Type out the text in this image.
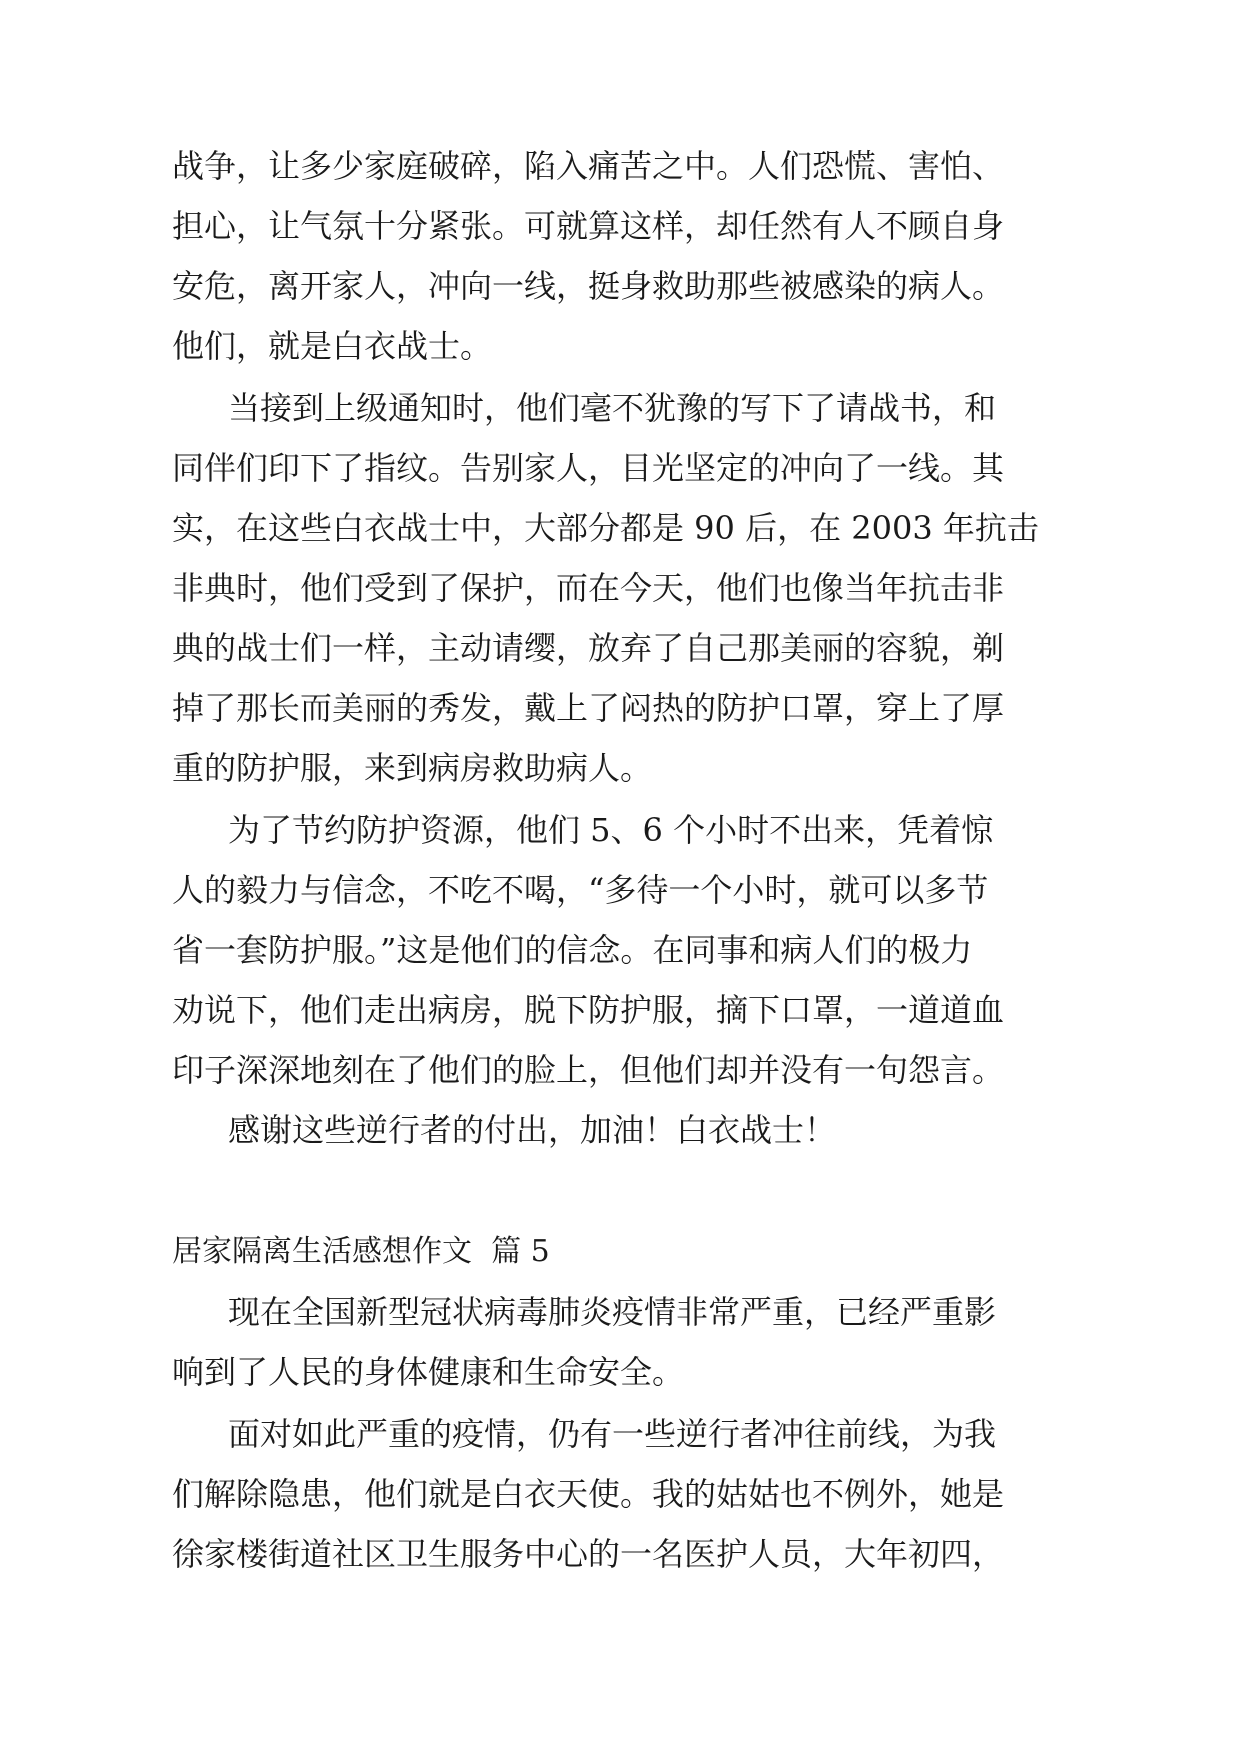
战争，让多少家庭破碎，陷入痛苦之中。人们恐慌、害怕、
担心，让气氛十分紧张。可就算这样，却任然有人不顾自身
安危，离开家人，冲向一线，挺身救助那些被感染的病人。
他们，就是白衣战士。
当接到上级通知时，他们毫不犹豫的写下了请战书，和
同伴们印下了指纹。告别家人，目光坚定的冲向了一线。其
实，在这些白衣战士中，大部分都是 90 后，在 2003 年抗击
非典时，他们受到了保护，而在今天，他们也像当年抗击非
典的战士们一样，主动请缨，放弃了自己那美丽的容貌，剃
掉了那长而美丽的秀发，戴上了闷热的防护口罩，穿上了厚
重的防护服，来到病房救助病人。
为了节约防护资源，他们 5、6 个小时不出来，凭着惊
人的毅力与信念，不吃不喝，“多待一个小时，就可以多节
省一套防护服。”这是他们的信念。在同事和病人们的极力
劝说下，他们走出病房，脱下防护服，摘下口罩，一道道血
印子深深地刻在了他们的脸上，但他们却并没有一句怨言。
感谢这些逆行者的付出，加油！白衣战士！
居家隔离生活感想作文  篇 5
现在全国新型冠状病毒肺炎疫情非常严重，已经严重影
响到了人民的身体健康和生命安全。
面对如此严重的疫情，仍有一些逆行者冲往前线，为我
们解除隐患，他们就是白衣天使。我的姑姑也不例外，她是
徐家楼街道社区卫生服务中心的一名医护人员，大年初四，
